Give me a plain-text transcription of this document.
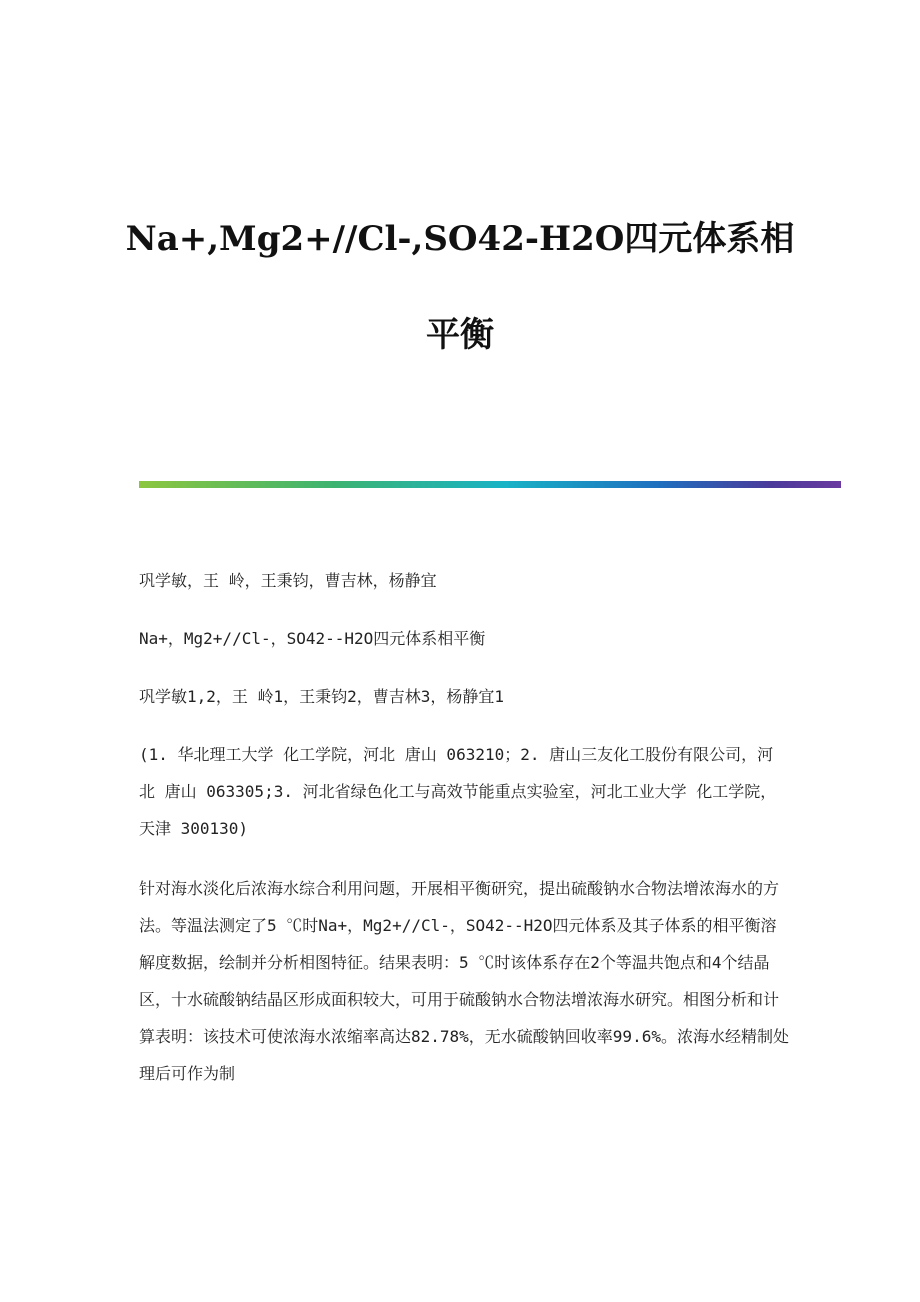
Na+,Mg2+//Cl-,SO42-H2O四元体系相
平衡

巩学敏，王 岭，王秉钧，曹吉林，杨静宜

Na+，Mg2+//Cl-，SO42--H2O四元体系相平衡

巩学敏1,2，王 岭1，王秉钧2，曹吉林3，杨静宜1

(1. 华北理工大学 化工学院，河北 唐山 063210；2. 唐山三友化工股份有限公司，河北 唐山 063305;3. 河北省绿色化工与高效节能重点实验室，河北工业大学 化工学院，天津 300130)

针对海水淡化后浓海水综合利用问题，开展相平衡研究，提出硫酸钠水合物法增浓海水的方法。等温法测定了5 ℃时Na+，Mg2+//Cl-，SO42--H2O四元体系及其子体系的相平衡溶解度数据，绘制并分析相图特征。结果表明：5 ℃时该体系存在2个等温共饱点和4个结晶区，十水硫酸钠结晶区形成面积较大，可用于硫酸钠水合物法增浓海水研究。相图分析和计算表明：该技术可使浓海水浓缩率高达82.78%，无水硫酸钠回收率99.6%。浓海水经精制处理后可作为制
